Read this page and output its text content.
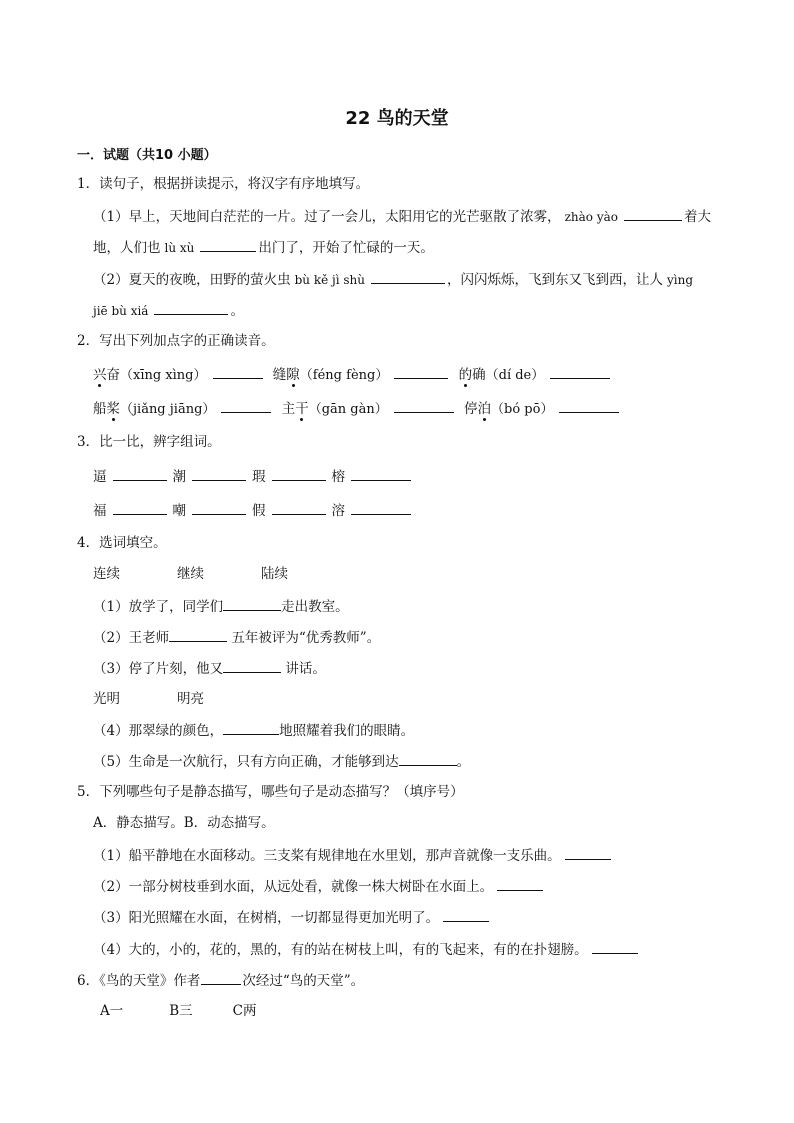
22 鸟的天堂
一．试题（共10 小题）
1．读句子，根据拼读提示，将汉字有序地填写。
（1）早上，天地间白茫茫的一片。过了一会儿，太阳用它的光芒驱散了浓雾， zhào yào	着大
地，人们也 lù xù	出门了，开始了忙碌的一天。
（2）夏天的夜晚，田野的萤火虫 bù kě jì shù	，闪闪烁烁，飞到东又飞到西，让人 yìng
jiē bù xiá	。
2．写出下列加点字的正确读音。
兴奋（xīng xìng）	缝隙（féng fèng）	的确（dí de）
船桨（jiǎng jiāng）	主干（gān gàn）	停泊（bó pō）
3．比一比，辨字组词。
逼	潮	瑕	榕
福	嘲	假	溶
4．选词填空。
连续	继续	陆续
（1）放学了，同学们	走出教室。
（2）王老师	五年被评为“优秀教师”。
（3）停了片刻，他又	讲话。
光明	明亮
（4）那翠绿的颜色，	地照耀着我们的眼睛。
（5）生命是一次航行，只有方向正确，才能够到达	。
5．下列哪些句子是静态描写，哪些句子是动态描写？（填序号）
A．静态描写。B．动态描写。
（1）船平静地在水面移动。三支桨有规律地在水里划，那声音就像一支乐曲。
（2）一部分树枝垂到水面，从远处看，就像一株大树卧在水面上。
（3）阳光照耀在水面，在树梢，一切都显得更加光明了。
（4）大的，小的，花的，黑的，有的站在树枝上叫，有的飞起来，有的在扑翅膀。
6．《鸟的天堂》作者	次经过“鸟的天堂”。
A一	B三	C两
